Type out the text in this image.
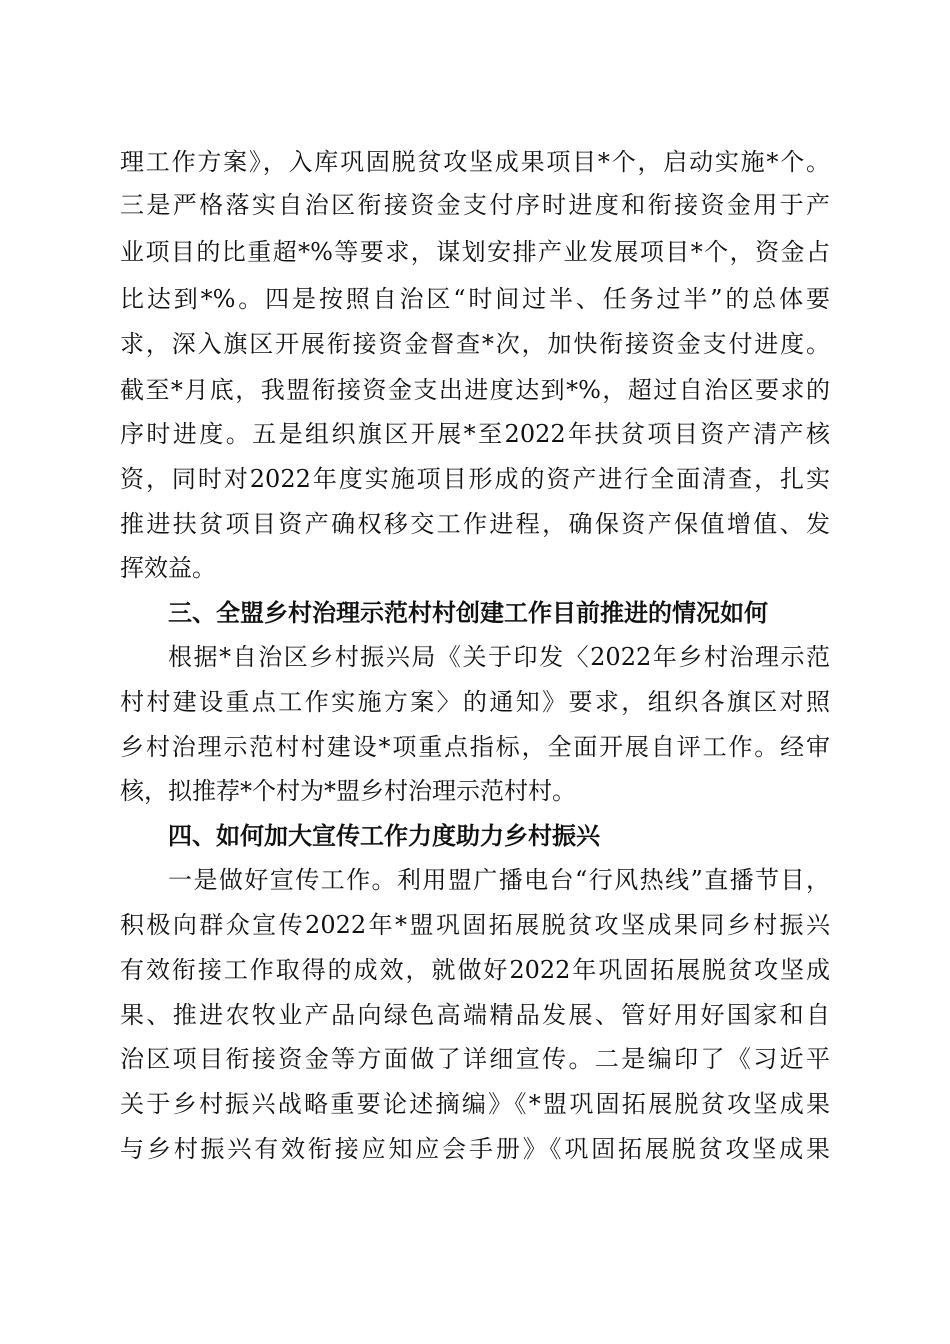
理工作方案》，入库巩固脱贫攻坚成果项目*个，启动实施*个。
三是严格落实自治区衔接资金支付序时进度和衔接资金用于产
业项目的比重超*%等要求，谋划安排产业发展项目*个，资金占
比达到*%。四是按照自治区“时间过半、任务过半”的总体要
求，深入旗区开展衔接资金督查*次，加快衔接资金支付进度。
截至*月底，我盟衔接资金支出进度达到*%，超过自治区要求的
序时进度。五是组织旗区开展*至2022年扶贫项目资产清产核
资，同时对2022年度实施项目形成的资产进行全面清查，扎实
推进扶贫项目资产确权移交工作进程，确保资产保值增值、发
挥效益。
三、全盟乡村治理示范村村创建工作目前推进的情况如何
根据*自治区乡村振兴局《关于印发〈2022年乡村治理示范
村村建设重点工作实施方案〉的通知》要求，组织各旗区对照
乡村治理示范村村建设*项重点指标，全面开展自评工作。经审
核，拟推荐*个村为*盟乡村治理示范村村。
四、如何加大宣传工作力度助力乡村振兴
一是做好宣传工作。利用盟广播电台“行风热线”直播节目，
积极向群众宣传2022年*盟巩固拓展脱贫攻坚成果同乡村振兴
有效衔接工作取得的成效，就做好2022年巩固拓展脱贫攻坚成
果、推进农牧业产品向绿色高端精品发展、管好用好国家和自
治区项目衔接资金等方面做了详细宣传。二是编印了《习近平
关于乡村振兴战略重要论述摘编》《*盟巩固拓展脱贫攻坚成果
与乡村振兴有效衔接应知应会手册》《巩固拓展脱贫攻坚成果
